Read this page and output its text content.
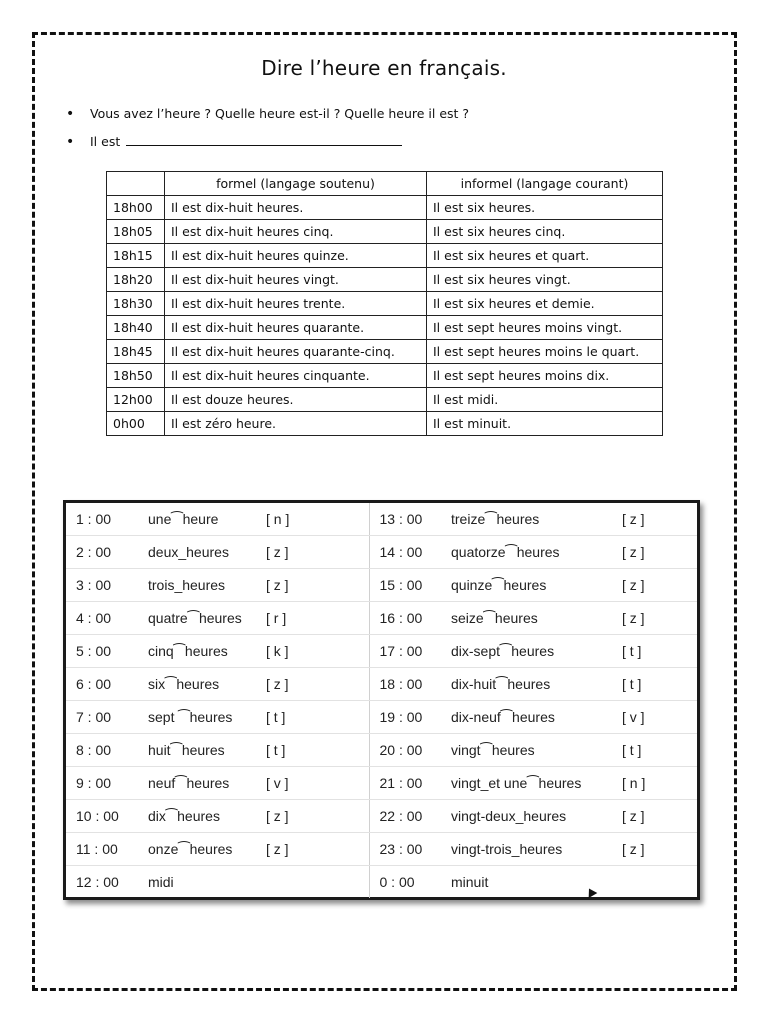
Dire l’heure en français.
• Vous avez l’heure ? Quelle heure est-il ? Quelle heure il est ?
• Il est
	formel (langage soutenu)	informel (langage courant)
18h00	Il est dix-huit heures.	Il est six heures.
18h05	Il est dix-huit heures cinq.	Il est six heures cinq.
18h15	Il est dix-huit heures quinze.	Il est six heures et quart.
18h20	Il est dix-huit heures vingt.	Il est six heures vingt.
18h30	Il est dix-huit heures trente.	Il est six heures et demie.
18h40	Il est dix-huit heures quarante.	Il est sept heures moins vingt.
18h45	Il est dix-huit heures quarante-cinq.	Il est sept heures moins le quart.
18h50	Il est dix-huit heures cinquante.	Il est sept heures moins dix.
12h00	Il est douze heures.	Il est midi.
0h00	Il est zéro heure.	Il est minuit.
1 : 00	une⁀heure	[ n ]	13 : 00	treize⁀heures	[ z ]
2 : 00	deux_heures	[ z ]	14 : 00	quatorze⁀heures	[ z ]
3 : 00	trois_heures	[ z ]	15 : 00	quinze⁀heures	[ z ]
4 : 00	quatre⁀heures	[ r ]	16 : 00	seize⁀heures	[ z ]
5 : 00	cinq⁀heures	[ k ]	17 : 00	dix-sept⁀heures	[ t ]
6 : 00	six⁀heures	[ z ]	18 : 00	dix-huit⁀heures	[ t ]
7 : 00	sept ⁀heures	[ t ]	19 : 00	dix-neuf⁀heures	[ v ]
8 : 00	huit⁀heures	[ t ]	20 : 00	vingt⁀heures	[ t ]
9 : 00	neuf⁀heures	[ v ]	21 : 00	vingt_et une⁀heures	[ n ]
10 : 00	dix⁀heures	[ z ]	22 : 00	vingt-deux_heures	[ z ]
11 : 00	onze⁀heures	[ z ]	23 : 00	vingt-trois_heures	[ z ]
12 : 00	midi		0 : 00	minuit	
